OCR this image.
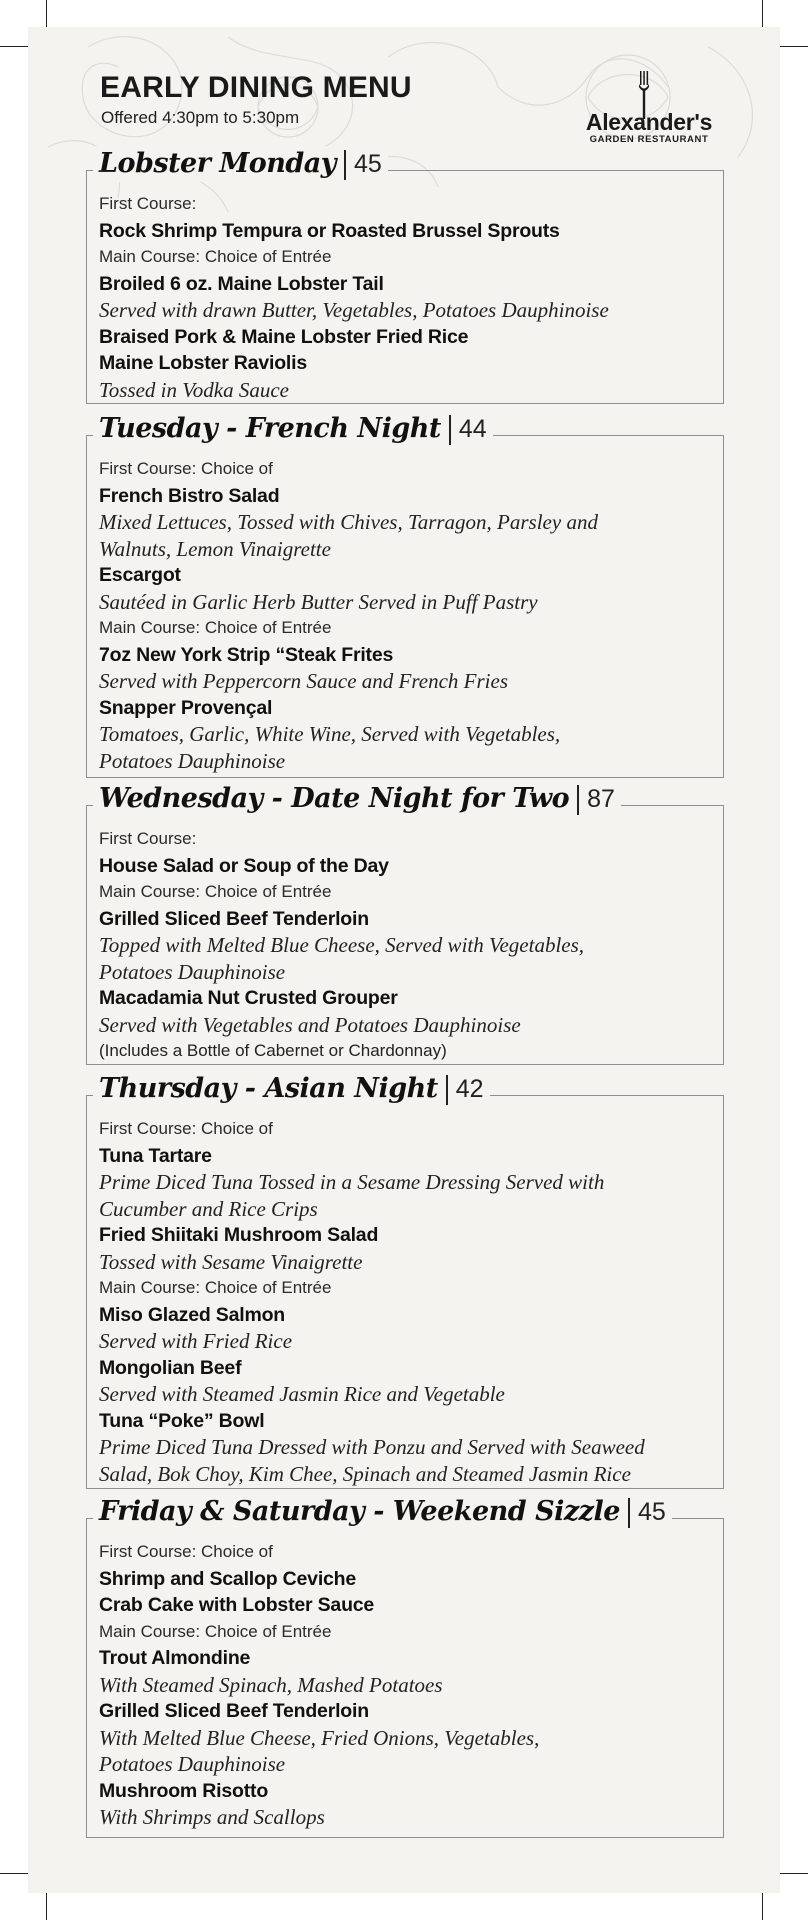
EARLY DINING MENU
Offered 4:30pm to 5:30pm	Alexander's
GARDEN RESTAURANT
Lobster Monday 45
First Course:
Rock Shrimp Tempura or Roasted Brussel Sprouts
Main Course: Choice of Entrée
Broiled 6 oz. Maine Lobster Tail
Served with drawn Butter, Vegetables, Potatoes Dauphinoise
Braised Pork & Maine Lobster Fried Rice
Maine Lobster Raviolis
Tossed in Vodka Sauce
Tuesday - French Night 44
First Course: Choice of
French Bistro Salad
Mixed Lettuces, Tossed with Chives, Tarragon, Parsley and
Walnuts, Lemon Vinaigrette
Escargot
Sautéed in Garlic Herb Butter Served in Puff Pastry
Main Course: Choice of Entrée
7oz New York Strip “Steak Frites
Served with Peppercorn Sauce and French Fries
Snapper Provençal
Tomatoes, Garlic, White Wine, Served with Vegetables,
Potatoes Dauphinoise
Wednesday - Date Night for Two 87
First Course:
House Salad or Soup of the Day
Main Course: Choice of Entrée
Grilled Sliced Beef Tenderloin
Topped with Melted Blue Cheese, Served with Vegetables,
Potatoes Dauphinoise
Macadamia Nut Crusted Grouper
Served with Vegetables and Potatoes Dauphinoise
(Includes a Bottle of Cabernet or Chardonnay)
Thursday - Asian Night 42
First Course: Choice of
Tuna Tartare
Prime Diced Tuna Tossed in a Sesame Dressing Served with
Cucumber and Rice Crips
Fried Shiitaki Mushroom Salad
Tossed with Sesame Vinaigrette
Main Course: Choice of Entrée
Miso Glazed Salmon
Served with Fried Rice
Mongolian Beef
Served with Steamed Jasmin Rice and Vegetable
Tuna “Poke” Bowl
Prime Diced Tuna Dressed with Ponzu and Served with Seaweed
Salad, Bok Choy, Kim Chee, Spinach and Steamed Jasmin Rice
Friday & Saturday - Weekend Sizzle 45
First Course: Choice of
Shrimp and Scallop Ceviche
Crab Cake with Lobster Sauce
Main Course: Choice of Entrée
Trout Almondine
With Steamed Spinach, Mashed Potatoes
Grilled Sliced Beef Tenderloin
With Melted Blue Cheese, Fried Onions, Vegetables,
Potatoes Dauphinoise
Mushroom Risotto
With Shrimps and Scallops
